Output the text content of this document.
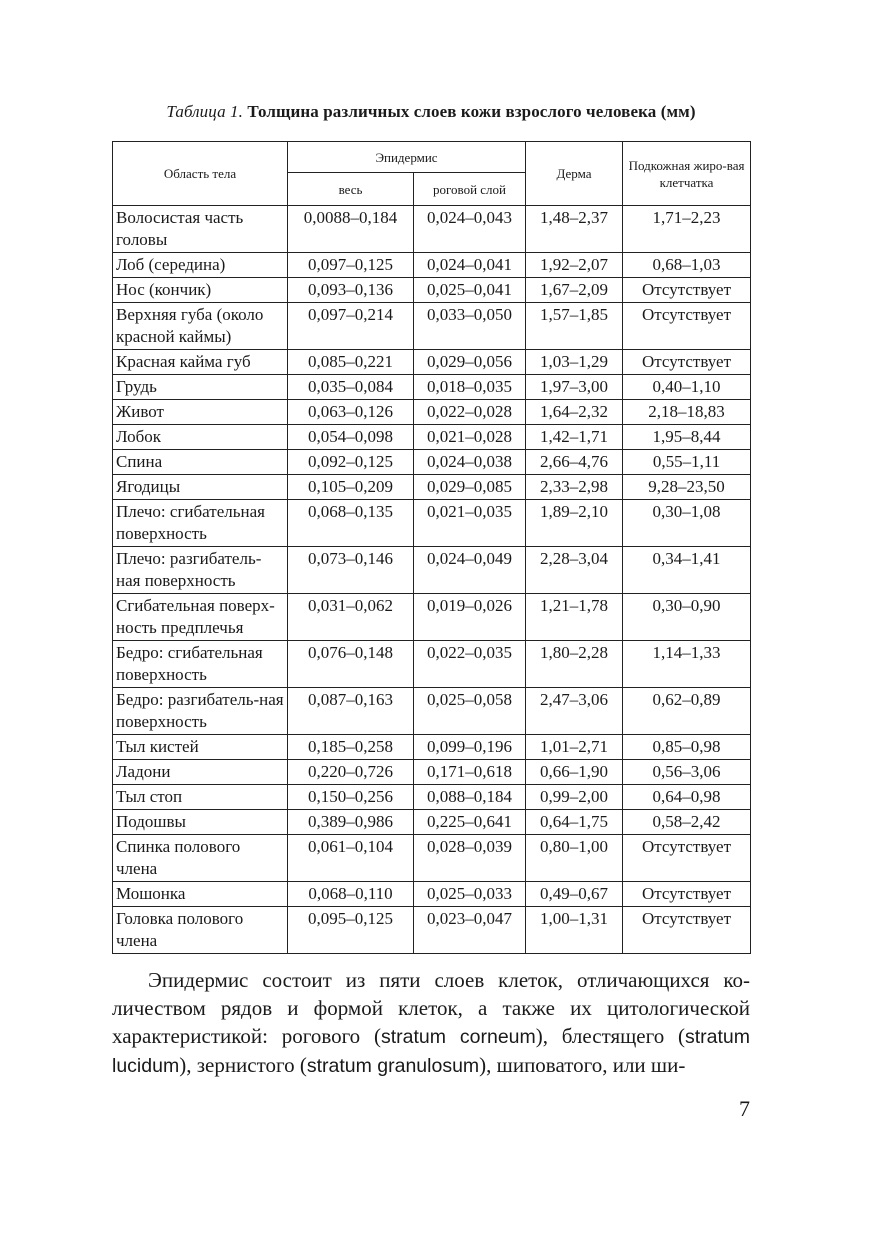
Таблица 1. Толщина различных слоев кожи взрослого человека (мм)
Область тела	Эпидермис		Дерма	Подкожная жиро-вая клетчатка
	весь	роговой слой		
Волосистая часть головы	0,0088–0,184	0,024–0,043	1,48–2,37	1,71–2,23
Лоб (середина)	0,097–0,125	0,024–0,041	1,92–2,07	0,68–1,03
Нос (кончик)	0,093–0,136	0,025–0,041	1,67–2,09	Отсутствует
Верхняя губа (около красной каймы)	0,097–0,214	0,033–0,050	1,57–1,85	Отсутствует
Красная кайма губ	0,085–0,221	0,029–0,056	1,03–1,29	Отсутствует
Грудь	0,035–0,084	0,018–0,035	1,97–3,00	0,40–1,10
Живот	0,063–0,126	0,022–0,028	1,64–2,32	2,18–18,83
Лобок	0,054–0,098	0,021–0,028	1,42–1,71	1,95–8,44
Спина	0,092–0,125	0,024–0,038	2,66–4,76	0,55–1,11
Ягодицы	0,105–0,209	0,029–0,085	2,33–2,98	9,28–23,50
Плечо: сгибательная поверхность	0,068–0,135	0,021–0,035	1,89–2,10	0,30–1,08
Плечо: разгибатель-ная поверхность	0,073–0,146	0,024–0,049	2,28–3,04	0,34–1,41
Сгибательная поверх-ность предплечья	0,031–0,062	0,019–0,026	1,21–1,78	0,30–0,90
Бедро: сгибательная поверхность	0,076–0,148	0,022–0,035	1,80–2,28	1,14–1,33
Бедро: разгибатель-ная поверхность	0,087–0,163	0,025–0,058	2,47–3,06	0,62–0,89
Тыл кистей	0,185–0,258	0,099–0,196	1,01–2,71	0,85–0,98
Ладони	0,220–0,726	0,171–0,618	0,66–1,90	0,56–3,06
Тыл стоп	0,150–0,256	0,088–0,184	0,99–2,00	0,64–0,98
Подошвы	0,389–0,986	0,225–0,641	0,64–1,75	0,58–2,42
Спинка полового члена	0,061–0,104	0,028–0,039	0,80–1,00	Отсутствует
Мошонка	0,068–0,110	0,025–0,033	0,49–0,67	Отсутствует
Головка полового члена	0,095–0,125	0,023–0,047	1,00–1,31	Отсутствует
Эпидермис состоит из пяти слоев клеток, отличающихся ко-личеством рядов и формой клеток, а также их цитологической характеристикой: рогового (stratum corneum), блестящего (stratum lucidum), зернистого (stratum granulosum), шиповатого, или ши-
7
